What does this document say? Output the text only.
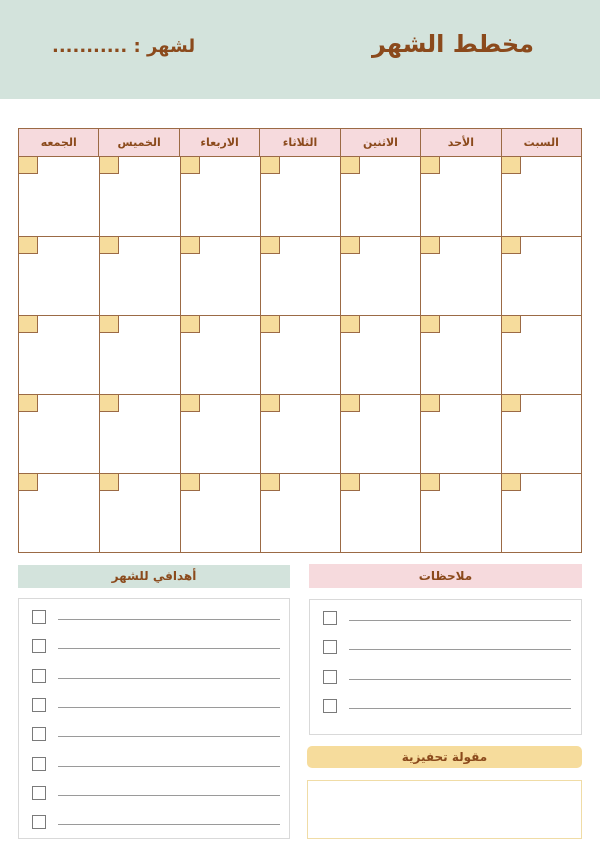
مخطط الشهر
لشهر : ...........
السبت
الأحد
الاثنين
الثلاثاء
الاربعاء
الخميس
الجمعه
أهدافي للشهر	ملاحظات
مقولة تحفيزية
